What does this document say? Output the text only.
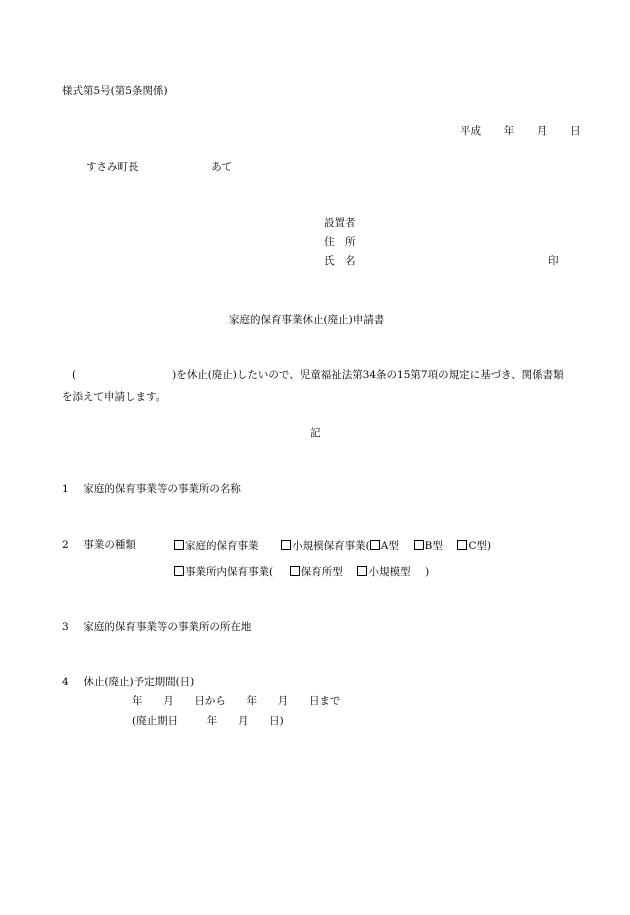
様式第5号(第5条関係)
平成 年 月 日
すさみ町長	あて
設置者
住　所
氏　名	印
家庭的保育事業休止(廃止)申請書
(	)を休止(廃止)したいので、児童福祉法第34条の15第7項の規定に基づき、関係書類を添えて申請します。
記
1 家庭的保育事業等の事業所の名称
2 事業の種類	家庭的保育事業	小規模保育事業( A型 B型 C型)
事業所内保育事業(	保育所型 小規模型 )
3 家庭的保育事業等の事業所の所在地
4 休止(廃止)予定期間(日)
年 月 日から 年 月 日まで
(廃止期日	年 月 日)
